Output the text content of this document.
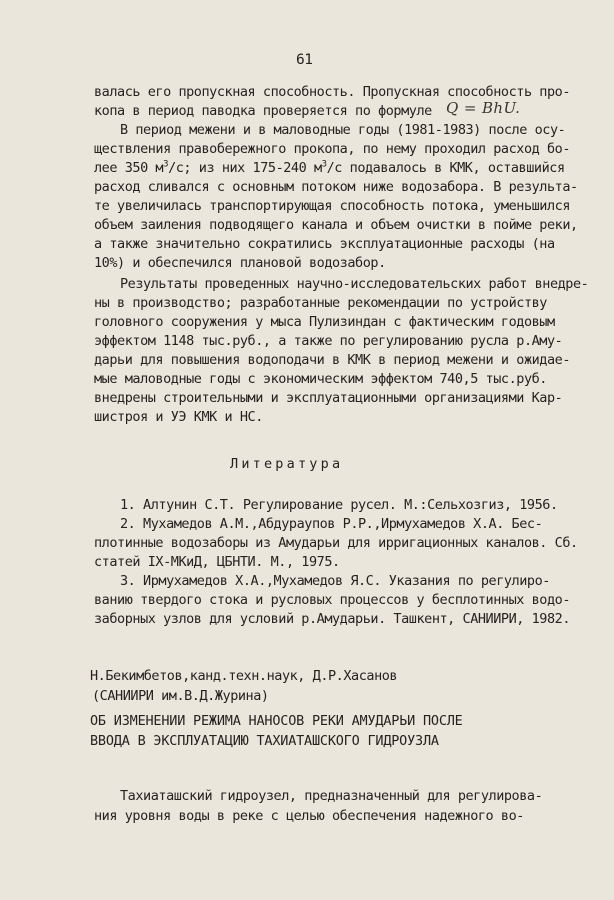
61
валась его пропускная способность. Пропускная способность про-
копа в период паводка проверяется по формуле Q = BhU.
В период межени и в маловодные годы (1981-1983) после осу-
ществления правобережного прокопа, по нему проходил расход бо-
лее 350 $м^3/с$; из них 175-240 $м^3/с$ подавалось в КМК, оставшийся
расход сливался с основным потоком ниже водозабора. В результа-
те увеличилась транспортирующая способность потока, уменьшился
объем заиления подводящего канала и объем очистки в пойме реки,
а также значительно сократились эксплуатационные расходы (на
10%) и обеспечился плановой водозабор.
Результаты проведенных научно-исследовательских работ внедре-
ны в производство; разработанные рекомендации по устройству
головного сооружения у мыса Пулизиндан с фактическим годовым
эффектом 1148 тыс.руб., а также по регулированию русла р.Аму-
дарьи для повышения водоподачи в КМК в период межени и ожидае-
мые маловодные годы с экономическим эффектом 740,5 тыс.руб.
внедрены строительными и эксплуатационными организациями Кар-
шистроя и УЭ КМК и НС.
Литература
1. Алтунин С.Т. Регулирование русел. М.:Сельхозгиз, 1956.
2. Мухамедов А.М.,Абдураупов Р.Р.,Ирмухамедов Х.А. Бес-
плотинные водозаборы из Амударьи для ирригационных каналов. Сб.
статей IX-МКиД, ЦБНТИ. М., 1975.
3. Ирмухамедов Х.А.,Мухамедов Я.С. Указания по регулиро-
ванию твердого стока и русловых процессов у бесплотинных водо-
заборных узлов для условий р.Амударьи. Ташкент, САНИИРИ, 1982.
Н.Бекимбетов,канд.техн.наук, Д.Р.Хасанов
(САНИИРИ им.В.Д.Журина)
ОБ ИЗМЕНЕНИИ РЕЖИМА НАНОСОВ РЕКИ АМУДАРЬИ ПОСЛЕ
ВВОДА В ЭКСПЛУАТАЦИЮ ТАХИАТАШСКОГО ГИДРОУЗЛА
Тахиаташский гидроузел, предназначенный для регулирова-
ния уровня воды в реке с целью обеспечения надежного во-
